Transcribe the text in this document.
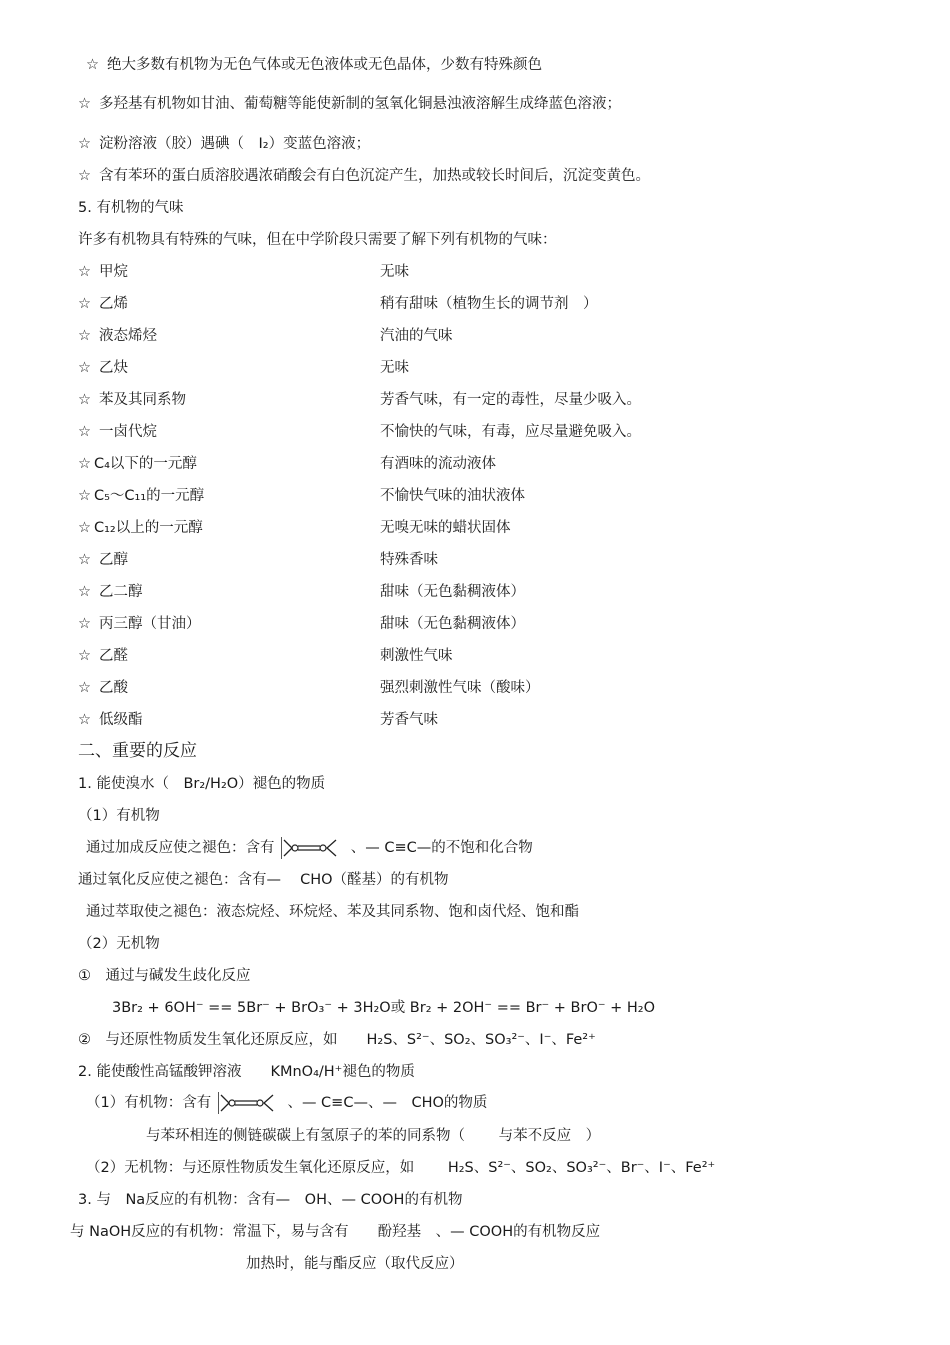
☆ 绝大多数有机物为无色气体或无色液体或无色晶体，少数有特殊颜色
☆ 多羟基有机物如甘油、葡萄糖等能使新制的氢氧化铜悬浊液溶解生成绛蓝色溶液；
☆ 淀粉溶液（胶）遇碘（　I₂）变蓝色溶液；
☆ 含有苯环的蛋白质溶胶遇浓硝酸会有白色沉淀产生，加热或较长时间后，沉淀变黄色。
5. 有机物的气味
许多有机物具有特殊的气味，但在中学阶段只需要了解下列有机物的气味：
☆ 甲烷	无味
☆ 乙烯	稍有甜味（植物生长的调节剂　）
☆ 液态烯烃	汽油的气味
☆ 乙炔	无味
☆ 苯及其同系物	芳香气味，有一定的毒性，尽量少吸入。
☆ 一卤代烷	不愉快的气味，有毒，应尽量避免吸入。
☆ C₄以下的一元醇	有酒味的流动液体
☆ C₅～C₁₁的一元醇	不愉快气味的油状液体
☆ C₁₂以上的一元醇	无嗅无味的蜡状固体
☆ 乙醇	特殊香味
☆ 乙二醇	甜味（无色黏稠液体）
☆ 丙三醇（甘油）	甜味（无色黏稠液体）
☆ 乙醛	刺激性气味
☆ 乙酸	强烈刺激性气味（酸味）
☆ 低级酯	芳香气味
二、重要的反应
1. 能使溴水（　Br₂/H₂O）褪色的物质
（1）有机物
通过加成反应使之褪色：含有	、— C≡C—的不饱和化合物
通过氧化反应使之褪色：含有—　 CHO（醛基）的有机物
通过萃取使之褪色：液态烷烃、环烷烃、苯及其同系物、饱和卤代烃、饱和酯
（2）无机物
①　通过与碱发生歧化反应
3Br₂ + 6OH⁻ == 5Br⁻ + BrO₃⁻ + 3H₂O或 Br₂ + 2OH⁻ == Br⁻ + BrO⁻ + H₂O
②　与还原性物质发生氧化还原反应，如　　H₂S、S²⁻、SO₂、SO₃²⁻、I⁻、Fe²⁺
2. 能使酸性高锰酸钾溶液　　KMnO₄/H⁺褪色的物质
（1）有机物：含有	、— C≡C—、—　CHO的物质
与苯环相连的侧链碳碳上有氢原子的苯的同系物（　　 与苯不反应　）
（2）无机物：与还原性物质发生氧化还原反应，如　　 H₂S、S²⁻、SO₂、SO₃²⁻、Br⁻、I⁻、Fe²⁺
3. 与　Na反应的有机物：含有—　OH、— COOH的有机物
与 NaOH反应的有机物：常温下，易与含有　　酚羟基　、— COOH的有机物反应
加热时，能与酯反应（取代反应）
